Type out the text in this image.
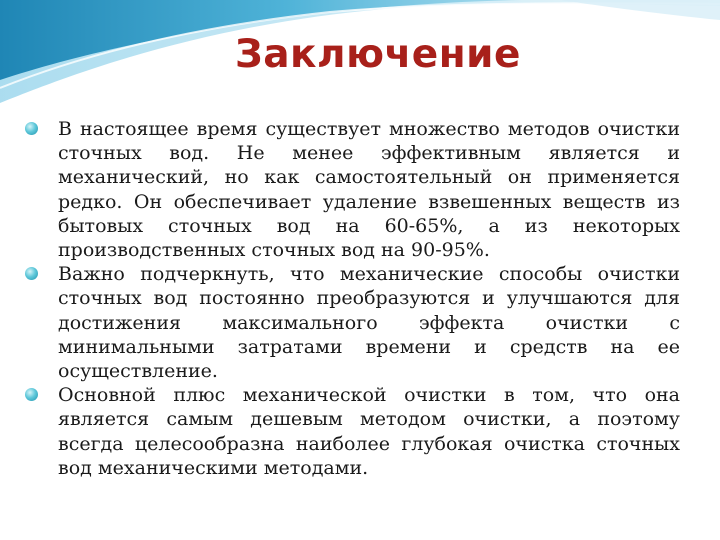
Заключение
В настоящее время существует множество методов очистки сточных вод. Не менее эффективным является и механический, но как самостоятельный он применяется редко. Он обеспечивает удаление взвешенных веществ из бытовых сточных вод на 60-65%, а из некоторых производственных сточных вод на 90-95%.
Важно подчеркнуть, что механические способы очистки сточных вод постоянно преобразуются и улучшаются для достижения максимального эффекта очистки с минимальными затратами времени и средств на ее осуществление.
Основной плюс механической очистки в том, что она является самым дешевым методом очистки, а поэтому всегда целесообразна наиболее глубокая очистка сточных вод механическими методами.
